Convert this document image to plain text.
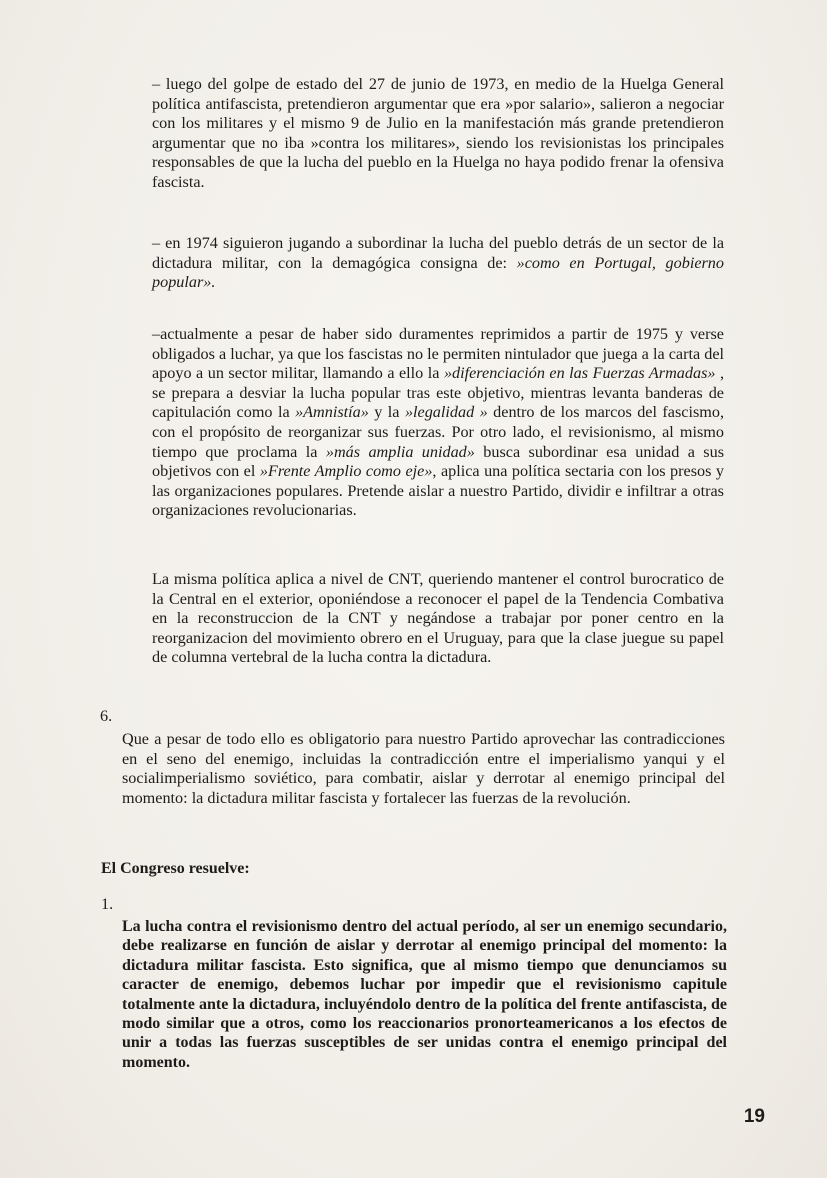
– luego del golpe de estado del 27 de junio de 1973, en medio de la Huelga General política antifascista, pretendieron argumentar que era »por salario», salieron a negociar con los militares y el mismo 9 de Julio en la manifestación más grande pretendieron argumentar que no iba »contra los militares», siendo los revisionistas los principales responsables de que la lucha del pueblo en la Huelga no haya podido frenar la ofensiva fascista.

– en 1974 siguieron jugando a subordinar la lucha del pueblo detrás de un sector de la dictadura militar, con la demagógica consigna de: »como en Portugal, gobierno popular».

–actualmente a pesar de haber sido duramentes reprimidos a partir de 1975 y verse obligados a luchar, ya que los fascistas no le permiten nintulador que juega a la carta del apoyo a un sector militar, llamando a ello la »diferenciación en las Fuerzas Armadas» , se prepara a desviar la lucha popular tras este objetivo, mientras levanta banderas de capitulación como la »Amnistía» y la »legalidad » dentro de los marcos del fascismo, con el propósito de reorganizar sus fuerzas. Por otro lado, el revisionismo, al mismo tiempo que proclama la »más amplia unidad» busca subordinar esa unidad a sus objetivos con el »Frente Amplio como eje», aplica una política sectaria con los presos y las organizaciones populares. Pretende aislar a nuestro Partido, dividir e infiltrar a otras organizaciones revolucionarias.

La misma política aplica a nivel de CNT, queriendo mantener el control burocratico de la Central en el exterior, oponiéndose a reconocer el papel de la Tendencia Combativa en la reconstruccion de la CNT y negándose a trabajar por poner centro en la reorganizacion del movimiento obrero en el Uruguay, para que la clase juegue su papel de columna vertebral de la lucha contra la dictadura.

6.

Que a pesar de todo ello es obligatorio para nuestro Partido aprovechar las contradicciones en el seno del enemigo, incluidas la contradicción entre el imperialismo yanqui y el socialimperialismo soviético, para combatir, aislar y derrotar al enemigo principal del momento: la dictadura militar fascista y fortalecer las fuerzas de la revolución.

El Congreso resuelve:
1.

La lucha contra el revisionismo dentro del actual período, al ser un enemigo secundario, debe realizarse en función de aislar y derrotar al enemigo principal del momento: la dictadura militar fascista. Esto significa, que al mismo tiempo que denunciamos su caracter de enemigo, debemos luchar por impedir que el revisionismo capitule totalmente ante la dictadura, incluyéndolo dentro de la política del frente antifascista, de modo similar que a otros, como los reaccionarios pronorteamericanos a los efectos de unir a todas las fuerzas susceptibles de ser unidas contra el enemigo principal del momento.

19
